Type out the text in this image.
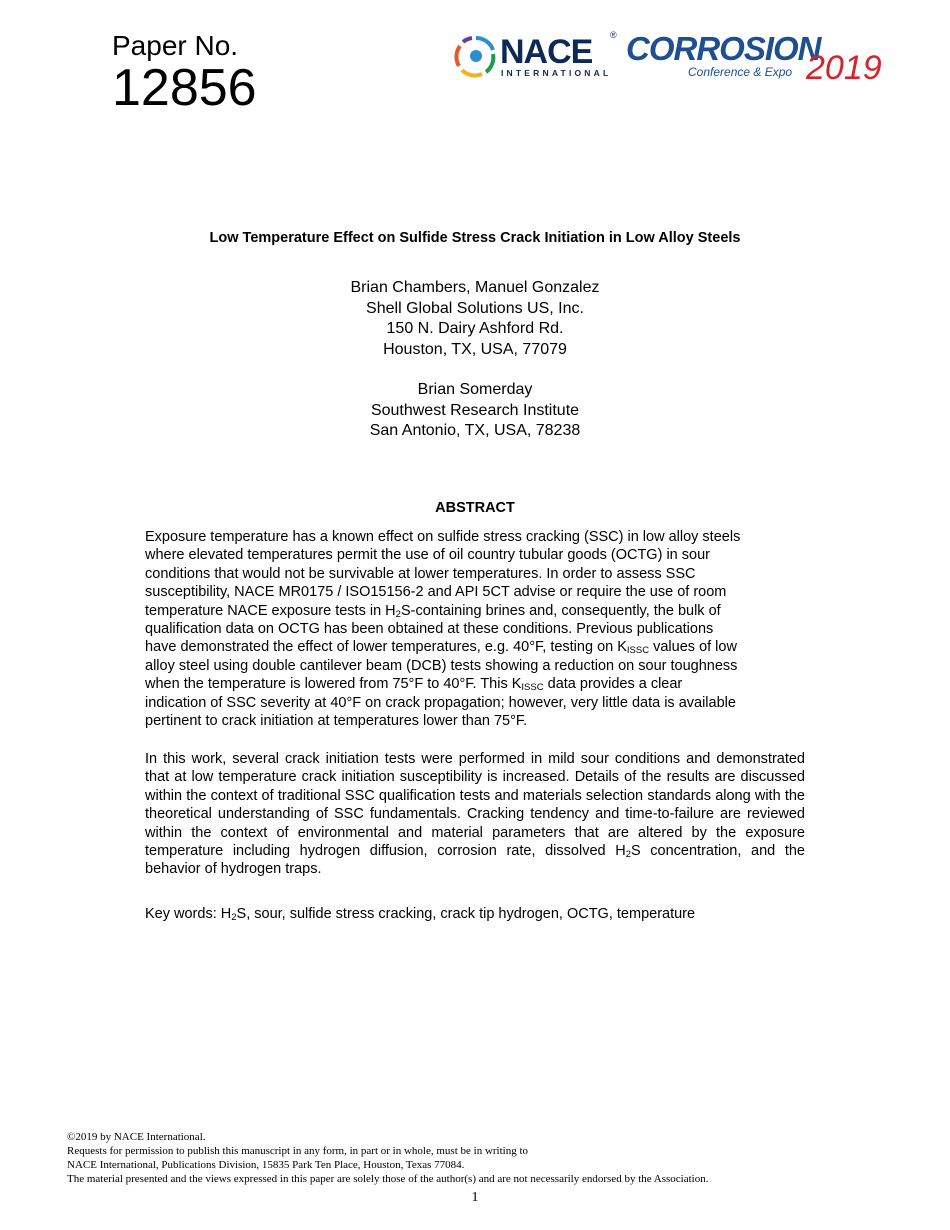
Paper No.
12856
NACE ®
INTERNATIONAL
CORROSION
Conference & Expo 2019
Low Temperature Effect on Sulfide Stress Crack Initiation in Low Alloy Steels
Brian Chambers, Manuel Gonzalez
Shell Global Solutions US, Inc.
150 N. Dairy Ashford Rd.
Houston, TX, USA, 77079
Brian Somerday
Southwest Research Institute
San Antonio, TX, USA, 78238
ABSTRACT
Exposure temperature has a known effect on sulfide stress cracking (SSC) in low alloy steels
where elevated temperatures permit the use of oil country tubular goods (OCTG) in sour
conditions that would not be survivable at lower temperatures. In order to assess SSC
susceptibility, NACE MR0175 / ISO15156-2 and API 5CT advise or require the use of room
temperature NACE exposure tests in $H_2S$-containing brines and, consequently, the bulk of
qualification data on OCTG has been obtained at these conditions. Previous publications
have demonstrated the effect of lower temperatures, e.g. 40°F, testing on $K_{ISSC}$ values of low
alloy steel using double cantilever beam (DCB) tests showing a reduction on sour toughness
when the temperature is lowered from 75°F to 40°F. This $K_{ISSC}$ data provides a clear
indication of SSC severity at 40°F on crack propagation; however, very little data is available
pertinent to crack initiation at temperatures lower than 75°F.
In this work, several crack initiation tests were performed in mild sour conditions and demonstrated that at low temperature crack initiation susceptibility is increased. Details of the results are discussed within the context of traditional SSC qualification tests and materials selection standards along with the theoretical understanding of SSC fundamentals. Cracking tendency and time-to-failure are reviewed within the context of environmental and material parameters that are altered by the exposure temperature including hydrogen diffusion, corrosion rate, dissolved $H_2S$ concentration, and the behavior of hydrogen traps.
Key words: $H_2S$, sour, sulfide stress cracking, crack tip hydrogen, OCTG, temperature
©2019 by NACE International.
Requests for permission to publish this manuscript in any form, in part or in whole, must be in writing to
NACE International, Publications Division, 15835 Park Ten Place, Houston, Texas 77084.
The material presented and the views expressed in this paper are solely those of the author(s) and are not necessarily endorsed by the Association.
1
